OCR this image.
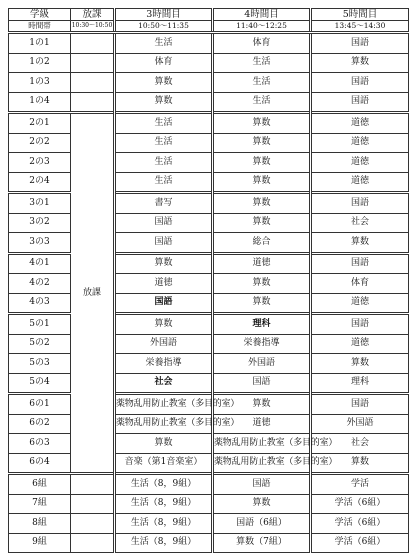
学級	放課	3時間目	4時間目	5時間目
時間帯	10:30〜10:50	10:50〜11:35	11:40〜12:25	13:45〜14:30
1の1		生活	体育	国語
1の2		体育	生活	算数
1の3		算数	生活	国語
1の4		算数	生活	国語
2の1	放課	生活	算数	道徳
2の2		生活	算数	道徳
2の3		生活	算数	道徳
2の4		生活	算数	道徳
3の1		書写	算数	国語
3の2		国語	算数	社会
3の3		国語	総合	算数
4の1		算数	道徳	国語
4の2		道徳	算数	体育
4の3		国語	算数	道徳
5の1		算数	理科	国語
5の2		外国語	栄養指導	道徳
5の3		栄養指導	外国語	算数
5の4		社会	国語	理科
6の1		薬物乱用防止教室（多目的室）	算数	国語
6の2		薬物乱用防止教室（多目的室）	道徳	外国語
6の3		算数	薬物乱用防止教室（多目的室）	社会
6の4		音楽（第1音楽室）	薬物乱用防止教室（多目的室）	算数
6組		生活（8，9組）	国語	学活
7組		生活（8，9組）	算数	学活（6組）
8組		生活（8，9組）	国語（6組）	学活（6組）
9組		生活（8，9組）	算数（7組）	学活（6組）
